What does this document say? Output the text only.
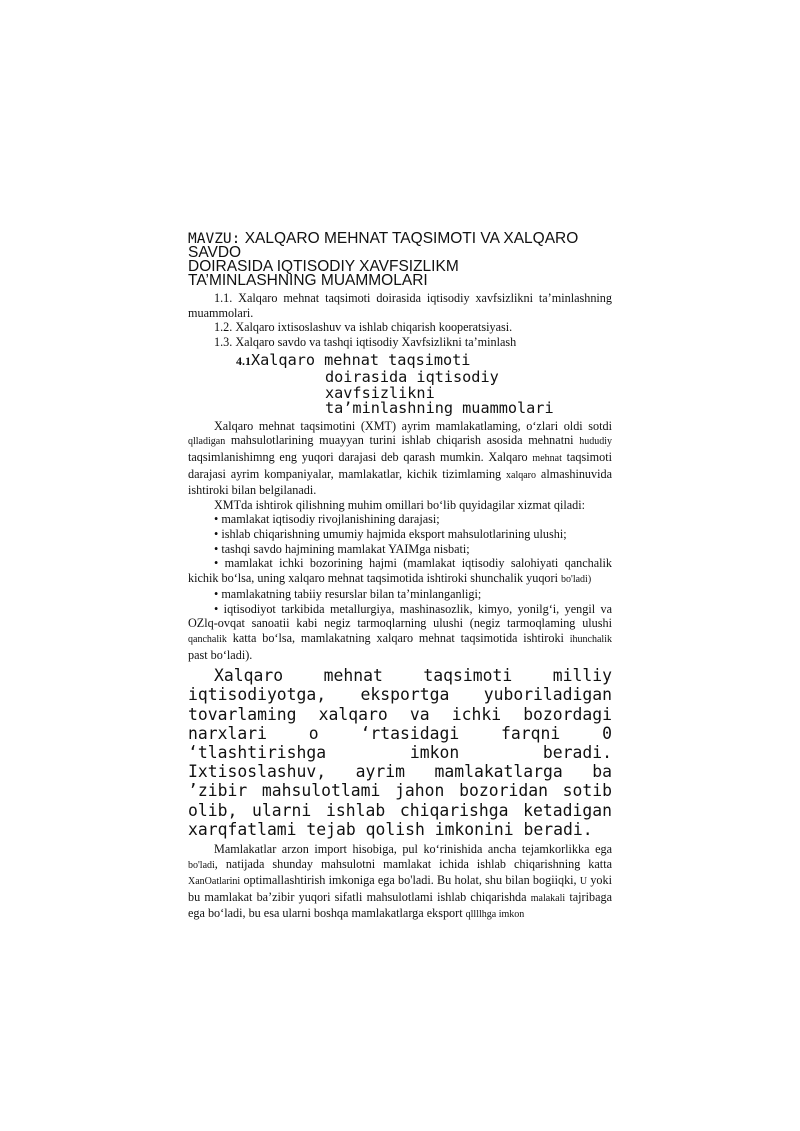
MAVZU: XALQARO MEHNAT TAQSIMOTI VA XALQARO
SAVDO
DOIRASIDA IQTISODIY XAVFSIZLIKM
TA’MINLASHNING MUAMMOLARI

1.1. Xalqaro mehnat taqsimoti doirasida iqtisodiy xavfsizlikni ta’minlashning muammolari.

1.2. Xalqaro ixtisoslashuv va ishlab chiqarish kooperatsiyasi.

1.3. Xalqaro savdo va tashqi iqtisodiy Xavfsizlikni ta’minlash

4.1Xalqaro mehnat taqsimoti
doirasida iqtisodiy
xavfsizlikni
ta’minlashning muammolari

Xalqaro mehnat taqsimotini (XMT) ayrim mamlakatlaming, o‘zlari oldi sotdi qlladigan mahsulotlarining muayyan turini ishlab chiqarish asosida mehnatni hududiy taqsimlanishimng eng yuqori darajasi deb qarash mumkin. Xalqaro mehnat taqsimoti darajasi ayrim kompaniyalar, mamlakatlar, kichik tizimlaming xalqaro almashinuvida ishtiroki bilan belgilanadi.

XMTda ishtirok qilishning muhim omillari bo‘lib quyidagilar xizmat qiladi:

• mamlakat iqtisodiy rivojlanishining darajasi;

• ishlab chiqarishning umumiy hajmida eksport mahsulotlarining ulushi;

• tashqi savdo hajmining mamlakat YAIMga nisbati;

• mamlakat ichki bozorining hajmi (mamlakat iqtisodiy salohiyati qanchalik kichik bo‘lsa, uning xalqaro mehnat taqsimotida ishtiroki shunchalik yuqori bo'ladi)

• mamlakatning tabiiy resurslar bilan ta’minlanganligi;

• iqtisodiyot tarkibida metallurgiya, mashinasozlik, kimyo, yonilg‘i, yengil va OZlq-ovqat sanoatii kabi negiz tarmoqlarning ulushi (negiz tarmoqlaming ulushi qanchalik katta bo‘lsa, mamlakatning xalqaro mehnat taqsimotida ishtiroki ihunchalik past bo‘ladi).

Xalqaro mehnat taqsimoti milliy iqtisodiyotga, eksportga yuboriladigan tovarlaming xalqaro va ichki bozordagi narxlari o ‘rtasidagi farqni 0 ‘tlashtirishga imkon beradi. Ixtisoslashuv, ayrim mamlakatlarga ba ’zibir mahsulotlami jahon bozoridan sotib olib, ularni ishlab chiqarishga ketadigan xarqfatlami tejab qolish imkonini beradi.

Mamlakatlar arzon import hisobiga, pul ko‘rinishida ancha tejamkorlikka ega bo'ladi, natijada shunday mahsulotni mamlakat ichida ishlab chiqarishning katta XanOatlarini optimallashtirish imkoniga ega bo'ladi. Bu holat, shu bilan bogiiqki, U yoki bu mamlakat ba’zibir yuqori sifatli mahsulotlami ishlab chiqarishda malakali tajribaga ega bo‘ladi, bu esa ularni boshqa mamlakatlarga eksport qllllhga imkon
